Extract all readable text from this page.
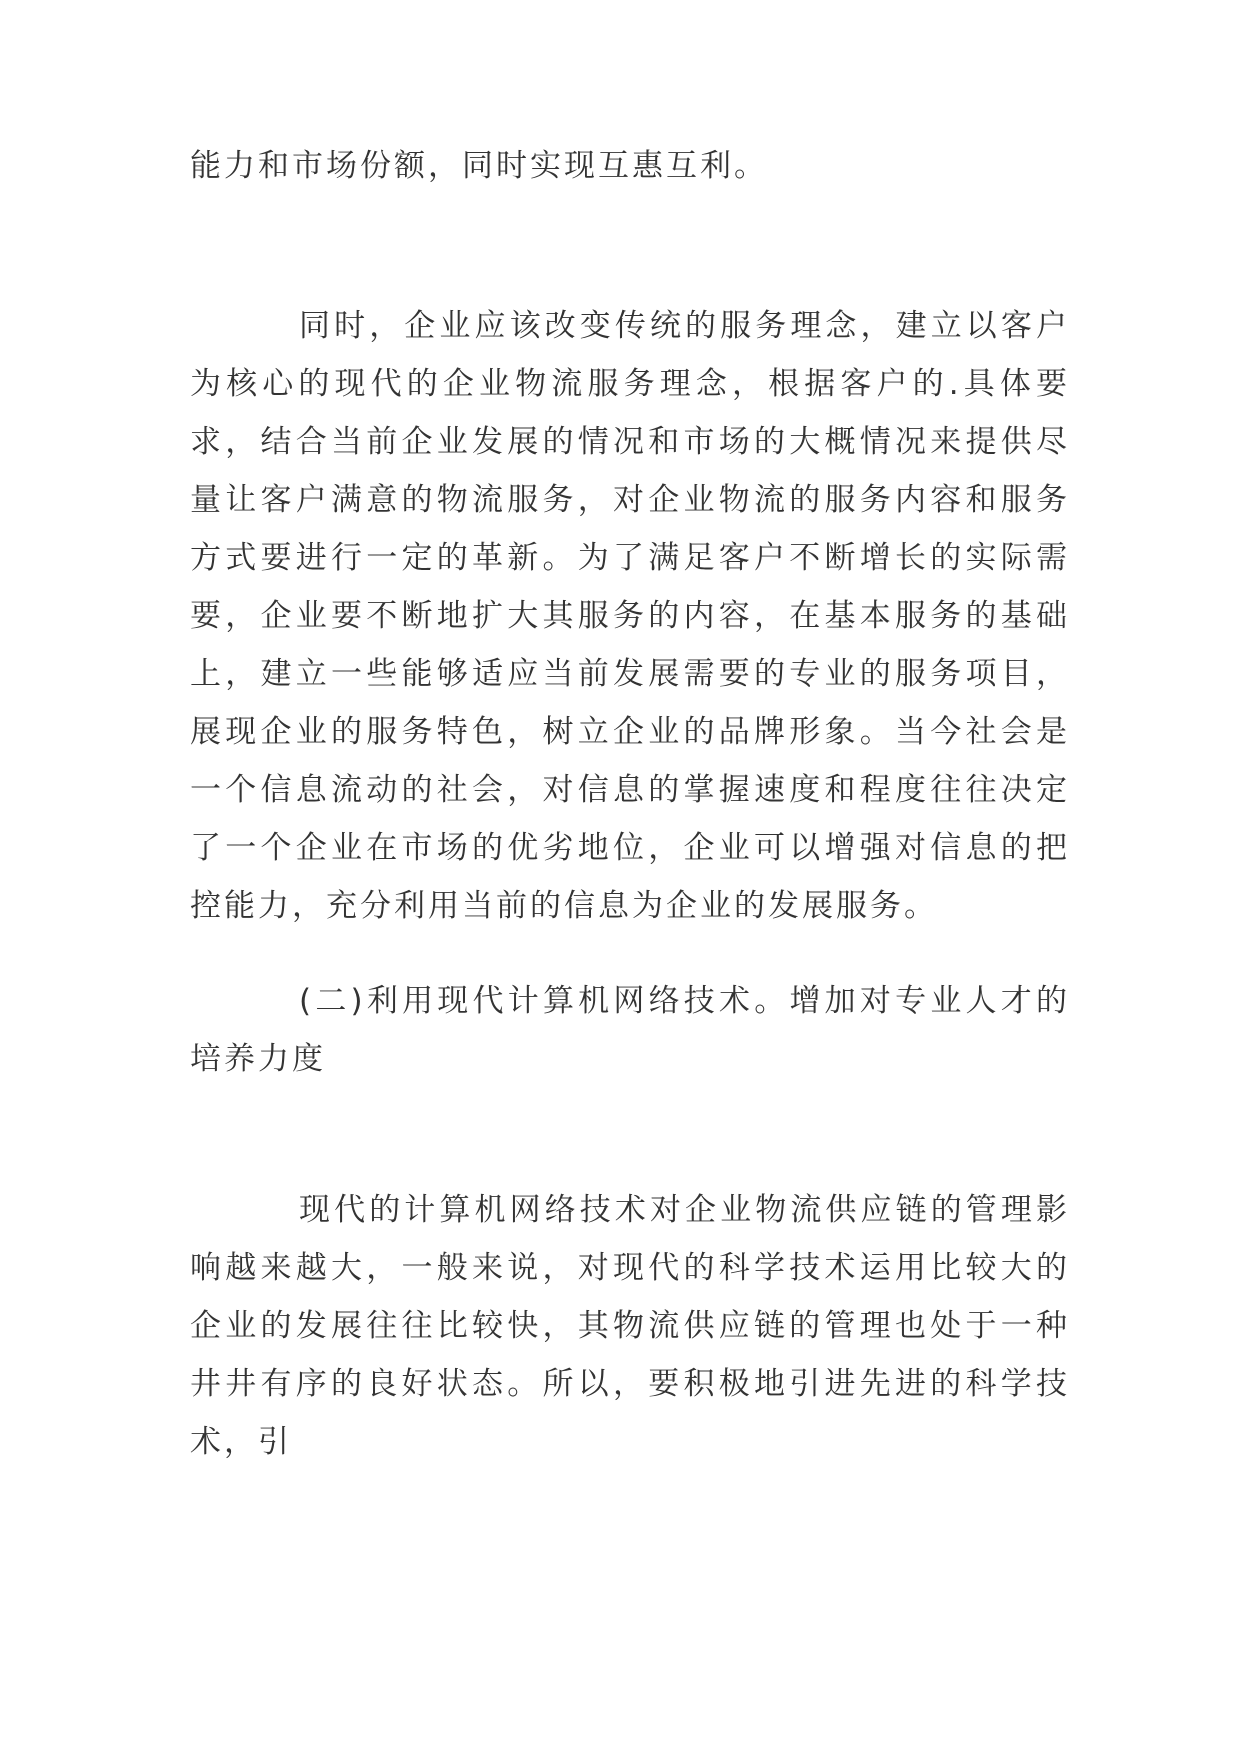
能力和市场份额，同时实现互惠互利。

同时，企业应该改变传统的服务理念，建立以客户为核心的现代的企业物流服务理念，根据客户的.具体要求，结合当前企业发展的情况和市场的大概情况来提供尽量让客户满意的物流服务，对企业物流的服务内容和服务方式要进行一定的革新。为了满足客户不断增长的实际需要，企业要不断地扩大其服务的内容，在基本服务的基础上，建立一些能够适应当前发展需要的专业的服务项目，展现企业的服务特色，树立企业的品牌形象。当今社会是一个信息流动的社会，对信息的掌握速度和程度往往决定了一个企业在市场的优劣地位，企业可以增强对信息的把控能力，充分利用当前的信息为企业的发展服务。

(二)利用现代计算机网络技术。增加对专业人才的培养力度

现代的计算机网络技术对企业物流供应链的管理影响越来越大，一般来说，对现代的科学技术运用比较大的企业的发展往往比较快，其物流供应链的管理也处于一种井井有序的良好状态。所以，要积极地引进先进的科学技术，引
